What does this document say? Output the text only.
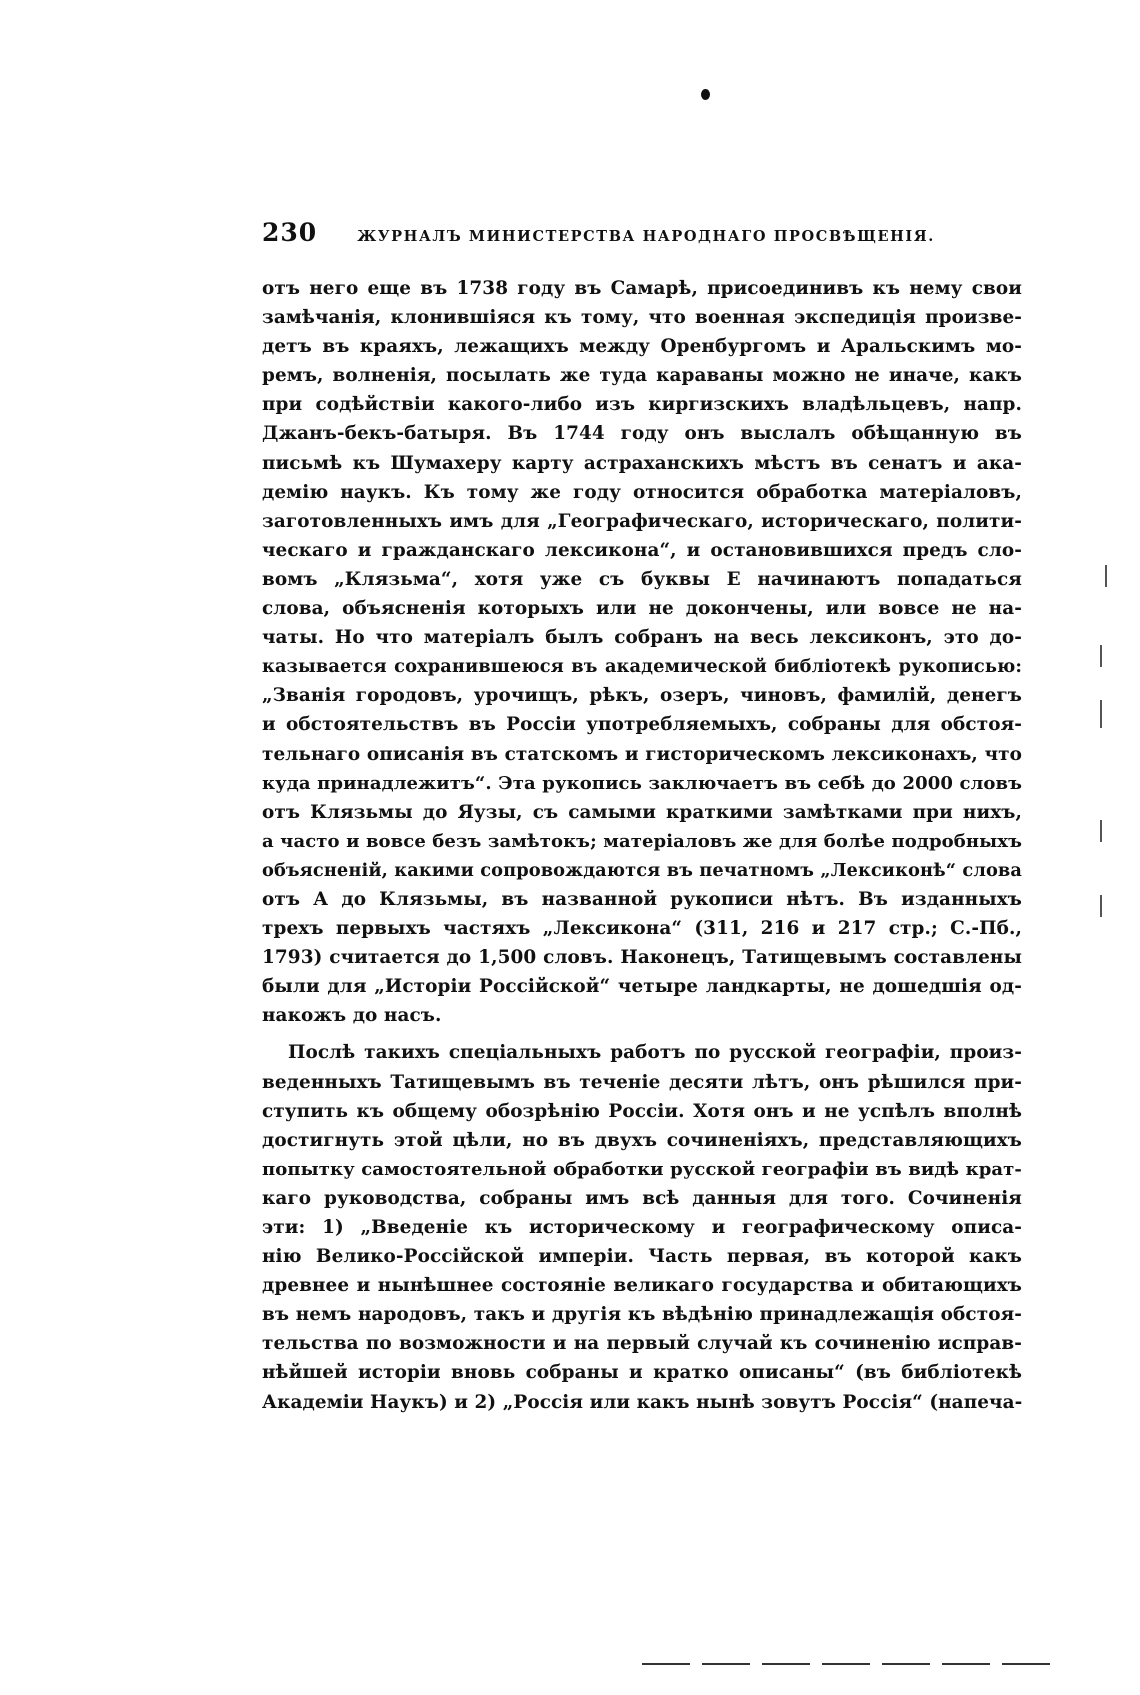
230	ЖУРНАЛЪ МИНИСТЕРСТВА НАРОДНАГО ПРОСВѢЩЕНІЯ.
отъ него еще въ 1738 году въ Самарѣ, присоединивъ къ нему свои
замѣчанія, клонившіяся къ тому, что военная экспедиція произве-
детъ въ краяхъ, лежащихъ между Оренбургомъ и Аральскимъ мо-
ремъ, волненія, посылать же туда караваны можно не иначе, какъ
при содѣйствіи какого-либо изъ киргизскихъ владѣльцевъ, напр.
Джанъ-бекъ-батыря. Въ 1744 году онъ выслалъ обѣщанную въ
письмѣ къ Шумахеру карту астраханскихъ мѣстъ въ сенатъ и ака-
демію наукъ. Къ тому же году относится обработка матеріаловъ,
заготовленныхъ имъ для „Географическаго, историческаго, полити-
ческаго и гражданскаго лексикона“, и остановившихся предъ сло-
вомъ „Клязьма“, хотя уже съ буквы Е начинаютъ попадаться
слова, объясненія которыхъ или не докончены, или вовсе не на-
чаты. Но что матеріалъ былъ собранъ на весь лексиконъ, это до-
казывается сохранившеюся въ академической библіотекѣ рукописью:
„Званія городовъ, урочищъ, рѣкъ, озеръ, чиновъ, фамилій, денегъ
и обстоятельствъ въ Россіи употребляемыхъ, собраны для обстоя-
тельнаго описанія въ статскомъ и гисторическомъ лексиконахъ, что
куда принадлежитъ“. Эта рукопись заключаетъ въ себѣ до 2000 словъ
отъ Клязьмы до Яузы, съ самыми краткими замѣтками при нихъ,
а часто и вовсе безъ замѣтокъ; матеріаловъ же для болѣе подробныхъ
объясненій, какими сопровождаются въ печатномъ „Лексиконѣ“ слова
отъ А до Клязьмы, въ названной рукописи нѣтъ. Въ изданныхъ
трехъ первыхъ частяхъ „Лексикона“ (311, 216 и 217 стр.; С.-Пб.,
1793) считается до 1,500 словъ. Наконецъ, Татищевымъ составлены
были для „Исторіи Россійской“ четыре ландкарты, не дошедшія од-
накожъ до насъ.
Послѣ такихъ спеціальныхъ работъ по русской географіи, произ-
веденныхъ Татищевымъ въ теченіе десяти лѣтъ, онъ рѣшился при-
ступить къ общему обозрѣнію Россіи. Хотя онъ и не успѣлъ вполнѣ
достигнуть этой цѣли, но въ двухъ сочиненіяхъ, представляющихъ
попытку самостоятельной обработки русской географіи въ видѣ крат-
каго руководства, собраны имъ всѣ данныя для того. Сочиненія
эти: 1) „Введеніе къ историческому и географическому описа-
нію Велико-Россійской имперіи. Часть первая, въ которой какъ
древнее и нынѣшнее состояніе великаго государства и обитающихъ
въ немъ народовъ, такъ и другія къ вѣдѣнію принадлежащія обстоя-
тельства по возможности и на первый случай къ сочиненію исправ-
нѣйшей исторіи вновь собраны и кратко описаны“ (въ библіотекѣ
Академіи Наукъ) и 2) „Россія или какъ нынѣ зовутъ Россія“ (напеча-
